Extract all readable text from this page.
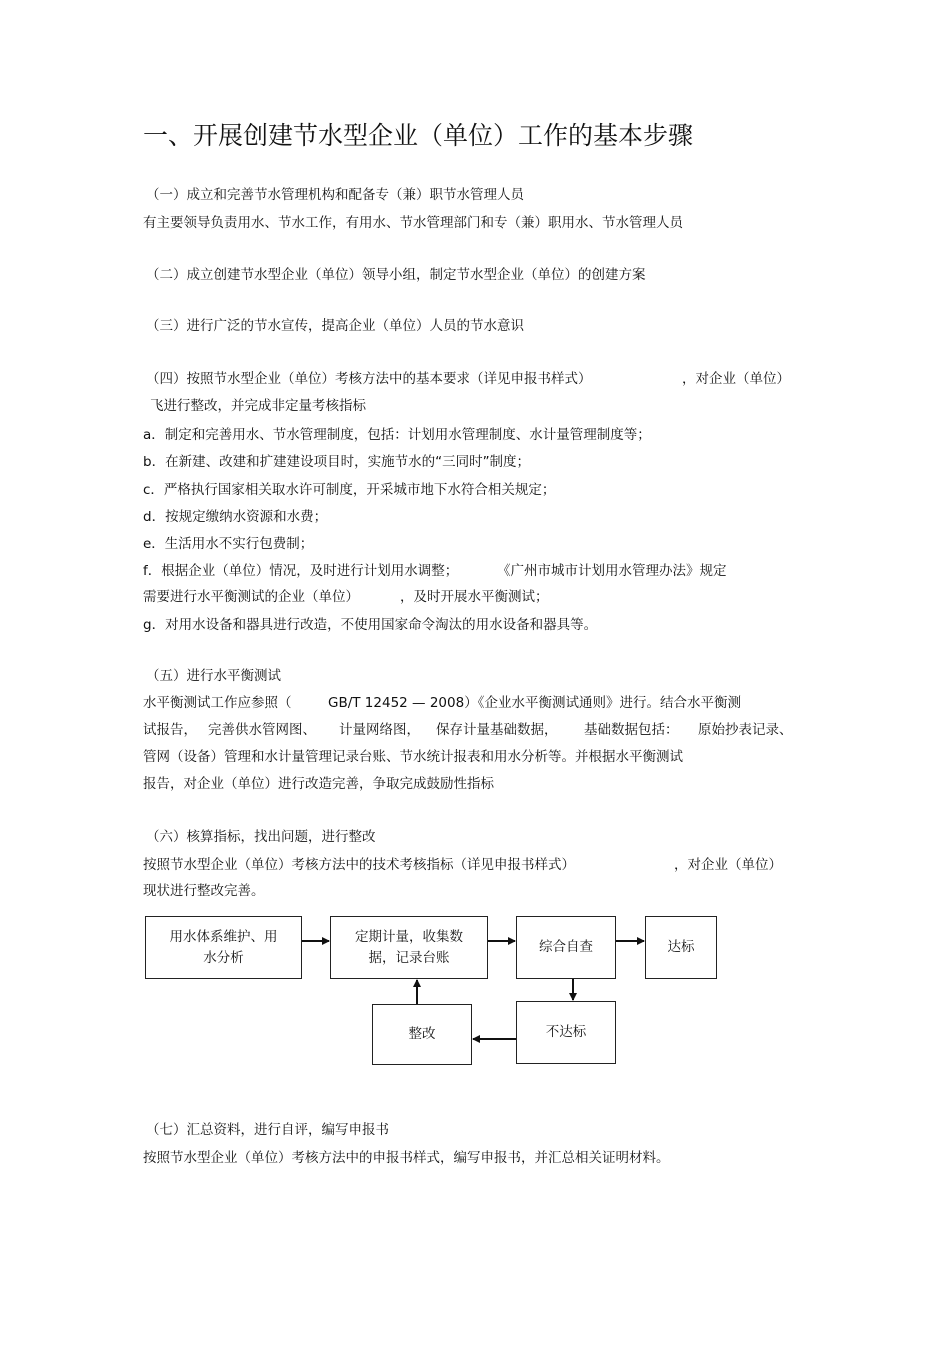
一、开展创建节水型企业（单位）工作的基本步骤
（一）成立和完善节水管理机构和配备专（兼）职节水管理人员
有主要领导负责用水、节水工作，有用水、节水管理部门和专（兼）职用水、节水管理人员
（二）成立创建节水型企业（单位）领导小组，制定节水型企业（单位）的创建方案
（三）进行广泛的节水宣传，提高企业（单位）人员的节水意识
（四）按照节水型企业（单位）考核方法中的基本要求（详见申报书样式）	，对企业（单位）
飞进行整改，并完成非定量考核指标
a．制定和完善用水、节水管理制度，包括：计划用水管理制度、水计量管理制度等；
b．在新建、改建和扩建建设项目时，实施节水的“三同时”制度；
c．严格执行国家相关取水许可制度，开采城市地下水符合相关规定；
d．按规定缴纳水资源和水费；
e．生活用水不实行包费制；
f．根据企业（单位）情况，及时进行计划用水调整；	《广州市城市计划用水管理办法》规定
需要进行水平衡测试的企业（单位）	，及时开展水平衡测试；
g．对用水设备和器具进行改造，不使用国家命令淘汰的用水设备和器具等。
（五）进行水平衡测试
水平衡测试工作应参照（	GB/T 12452 — 2008）《企业水平衡测试通则》进行。结合水平衡测
试报告， 完善供水管网图、 计量网络图， 保存计量基础数据， 基础数据包括： 原始抄表记录、
管网（设备）管理和水计量管理记录台账、节水统计报表和用水分析等。并根据水平衡测试
报告，对企业（单位）进行改造完善，争取完成鼓励性指标
（六）核算指标，找出问题，进行整改
按照节水型企业（单位）考核方法中的技术考核指标（详见申报书样式）	，对企业（单位）
现状进行整改完善。
用水体系维护、用
水分析
定期计量，收集数
据，记录台账
综合自查	达标
不达标
整改
（七）汇总资料，进行自评，编写申报书
按照节水型企业（单位）考核方法中的申报书样式，编写申报书，并汇总相关证明材料。
